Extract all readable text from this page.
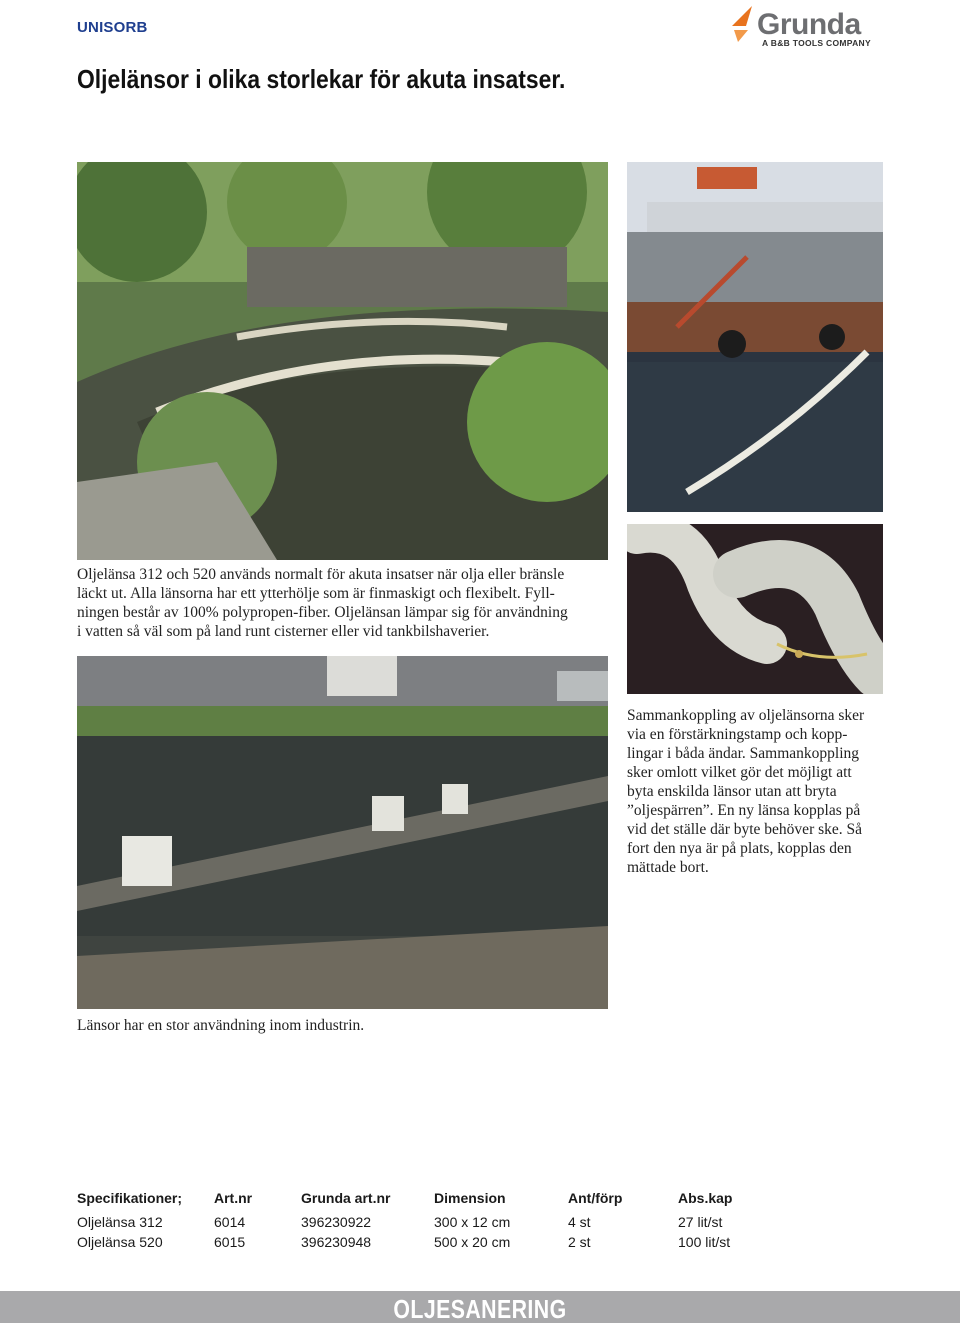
UNISORB	Grunda
A B&B TOOLS COMPANY
Oljelänsor i olika storlekar för akuta insatser.
Oljelänsa 312 och 520 används normalt för akuta insatser när olja eller bränsle
läckt ut. Alla länsorna har ett ytterhölje som är finmaskigt och flexibelt. Fyll-
ningen består av 100% polypropen-fiber. Oljelänsan lämpar sig för användning
i vatten så väl som på land runt cisterner eller vid tankbilshaverier.
Sammankoppling av oljelänsorna sker
via en förstärkningstamp och kopp-
lingar i båda ändar. Sammankoppling
sker omlott vilket gör det möjligt att
byta enskilda länsor utan att bryta
”oljespärren”. En ny länsa kopplas på
vid det ställe där byte behöver ske. Så
fort den nya är på plats, kopplas den
mättade bort.
Länsor har en stor användning inom industrin.
Specifikationer;	Art.nr	Grunda art.nr	Dimension	Ant/förp	Abs.kap
Oljelänsa 312	6014	396230922	300 x 12 cm	4 st	27 lit/st
Oljelänsa 520	6015	396230948	500 x 20 cm	2 st	100 lit/st
OLJESANERING
